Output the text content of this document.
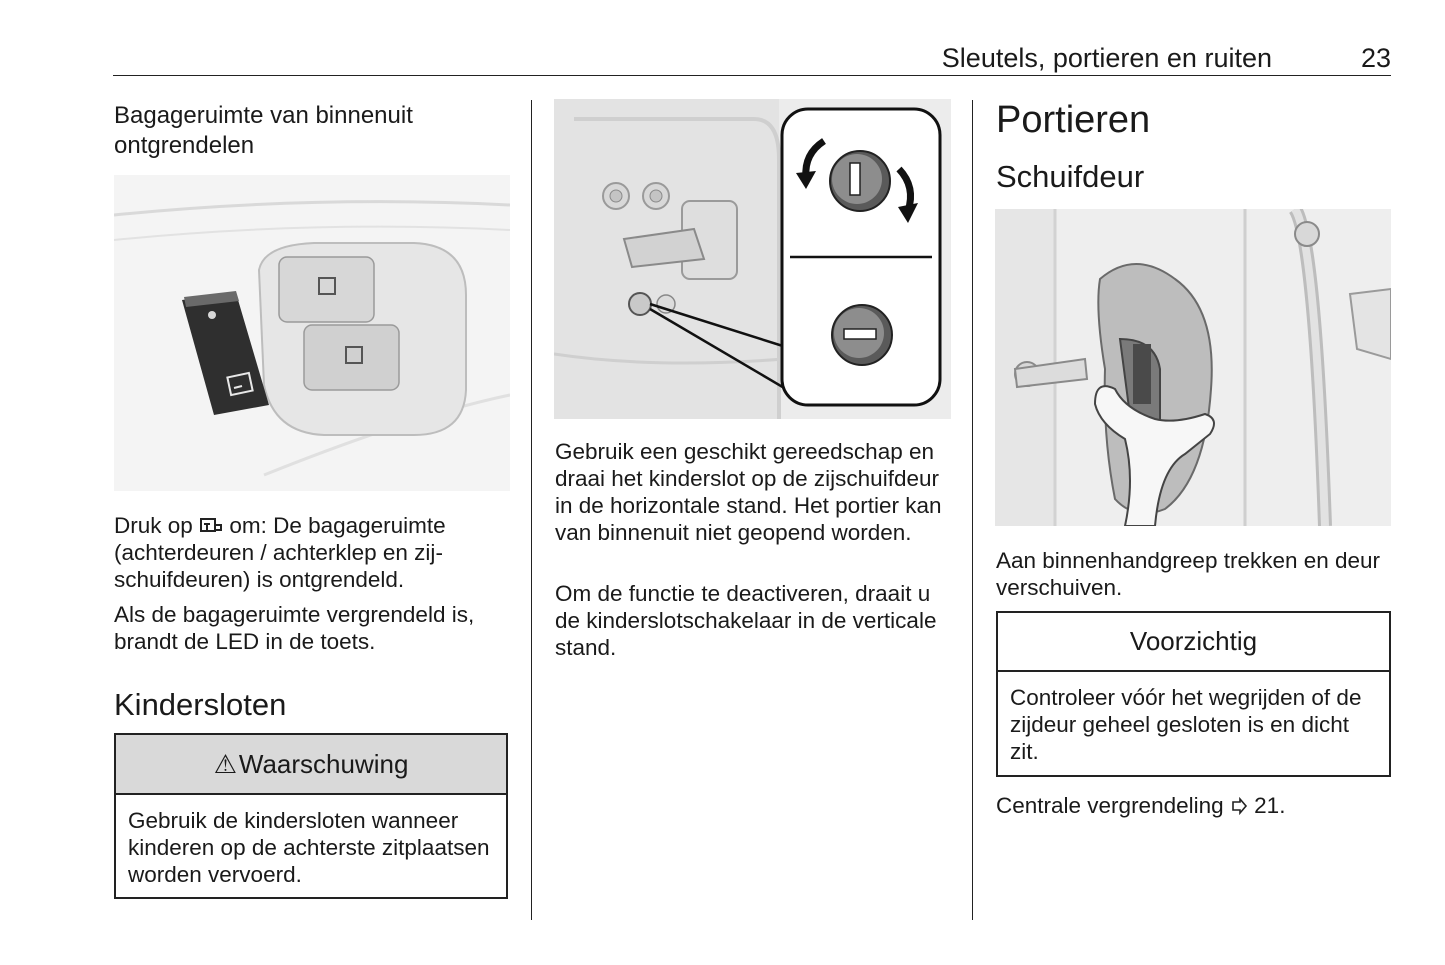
Sleutels, portieren en ruiten	23
Bagageruimte van binnenuit ontgrendelen

Druk op om: De bagageruimte (achterdeuren / achterklep en zijschuifdeuren) is ontgrendeld.

Als de bagageruimte vergrendeld is, brandt de LED in de toets.

Kindersloten
⚠ Waarschuwing
Gebruik de kindersloten wanneer kinderen op de achterste zitplaatsen worden vervoerd.

Gebruik een geschikt gereedschap en draai het kinderslot op de zijschuifdeur in de horizontale stand. Het portier kan van binnenuit niet geopend worden.

Om de functie te deactiveren, draait u de kinderslotschakelaar in de verticale stand.

Portieren
Schuifdeur

Aan binnenhandgreep trekken en deur verschuiven.

Voorzichtig
Controleer vóór het wegrijden of de zijdeur geheel gesloten is en dicht zit.

Centrale vergrendeling 21.
